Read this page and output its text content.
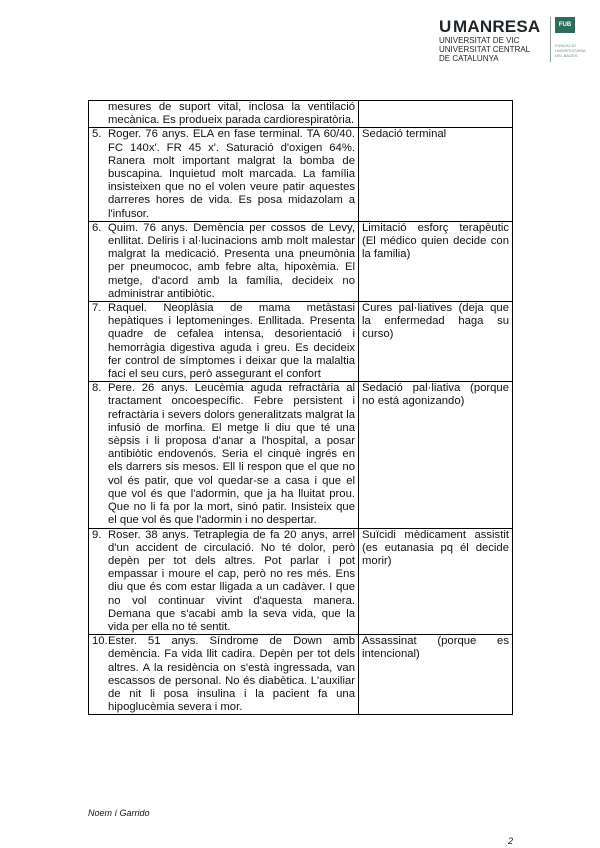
U MANRESA
UNIVERSITAT DE VIC
UNIVERSITAT CENTRAL
DE CATALUNYA
FUB
FUNDACIÓ UNIVERSITÀRIA DEL BAGES
mesures de suport vital, inclosa la ventilació mecànica. Es produeix parada cardiorespiratòria.	

5. Roger. 76 anys. ELA en fase terminal. TA 60/40. FC 140x'. FR 45 x'. Saturació d'oxigen 64%. Ranera molt important malgrat la bomba de buscapina. Inquietud molt marcada. La família insisteixen que no el volen veure patir aquestes darreres hores de vida. Es posa midazolam a l'infusor.	Sedació terminal

6. Quim. 76 anys. Demència per cossos de Levy, enllitat. Deliris i al·lucinacions amb molt malestar malgrat la medicació. Presenta una pneumònia per pneumococ, amb febre alta, hipoxèmia. El metge, d'acord amb la família, decideix no administrar antibiòtic.	Limitació esforç terapèutic (El médico quien decide con la familia)

7. Raquel. Neoplàsia de mama metàstasi hepàtiques i leptomeninges. Enllitada. Presenta quadre de cefalea intensa, desorientació i hemorràgia digestiva aguda i greu. Es decideix fer control de símptomes i deixar que la malaltia faci el seu curs, però assegurant el confort	Cures pal·liatives (deja que la enfermedad haga su curso)

8. Pere. 26 anys. Leucèmia aguda refractària al tractament oncoespecífic. Febre persistent i refractària i severs dolors generalitzats malgrat la infusió de morfina. El metge li diu que té una sèpsis i li proposa d'anar a l'hospital, a posar antibiòtic endovenós. Seria el cinquè ingrés en els darrers sis mesos. Ell li respon que el que no vol és patir, que vol quedar-se a casa i que el que vol és que l'adormin, que ja ha lluitat prou. Que no li fa por la mort, sinó patir. Insisteix que el que vol és que l'adormin i no despertar.	Sedació pal·liativa (porque no está agonizando)

9. Roser. 38 anys. Tetraplegia de fa 20 anys, arrel d'un accident de circulació. No té dolor, però depèn per tot dels altres. Pot parlar i pot empassar i moure el cap, però no res més. Ens diu que és com estar lligada a un cadàver. I que no vol continuar vivint d'aquesta manera. Demana que s'acabi amb la seva vida, que la vida per ella no té sentit.	Suïcidi mèdicament assistit (es eutanasia pq él decide morir)

10. Ester. 51 anys. Síndrome de Down amb demència. Fa vida llit cadira. Depèn per tot dels altres. A la residència on s'està ingressada, van escassos de personal. No és diabètica. L'auxiliar de nit li posa insulina i la pacient fa una hipoglucèmia severa i mor.	Assassinat (porque es intencional)
Noem í Garrido
2
